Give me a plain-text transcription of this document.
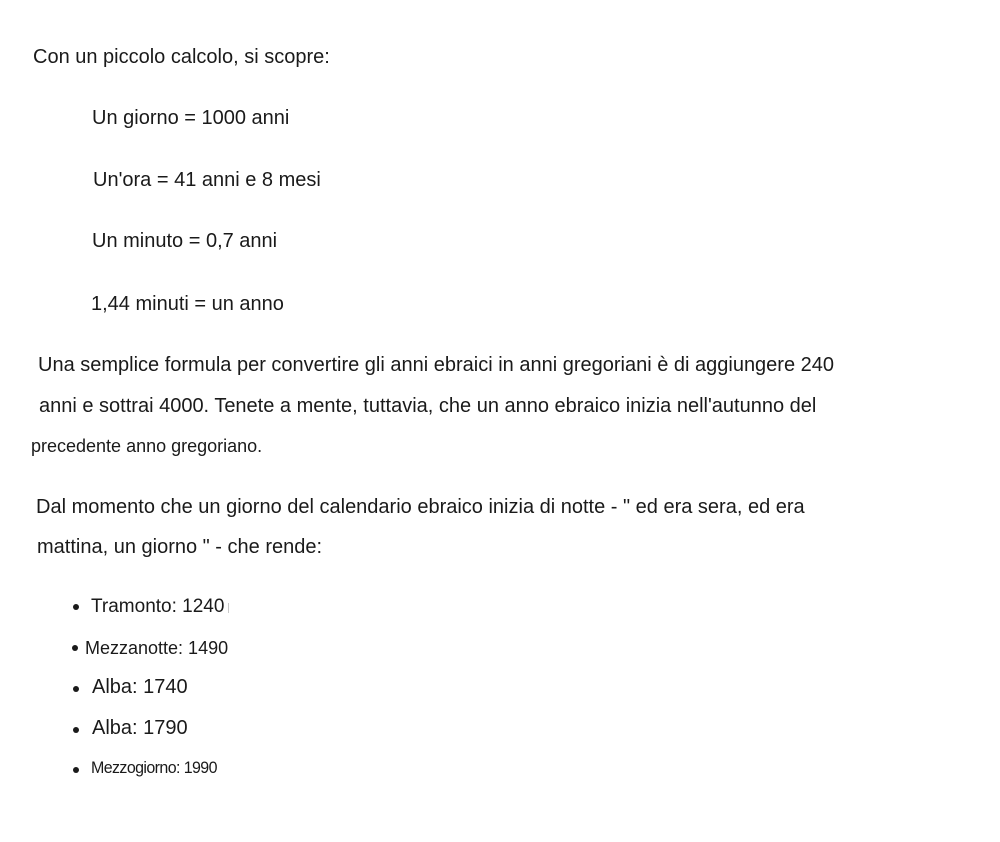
Con un piccolo calcolo, si scopre:
Un giorno = 1000 anni
Un'ora = 41 anni e 8 mesi
Un minuto = 0,7 anni
1,44 minuti = un anno
Una semplice formula per convertire gli anni ebraici in anni gregoriani è di aggiungere 240
anni e sottrai 4000. Tenete a mente, tuttavia, che un anno ebraico inizia nell'autunno del
precedente anno gregoriano.
Dal momento che un giorno del calendario ebraico inizia di notte - " ed era sera, ed era
mattina, un giorno " - che rende:
Tramonto: 1240
Mezzanotte: 1490
Alba: 1740
Alba: 1790
Mezzogiorno: 1990
